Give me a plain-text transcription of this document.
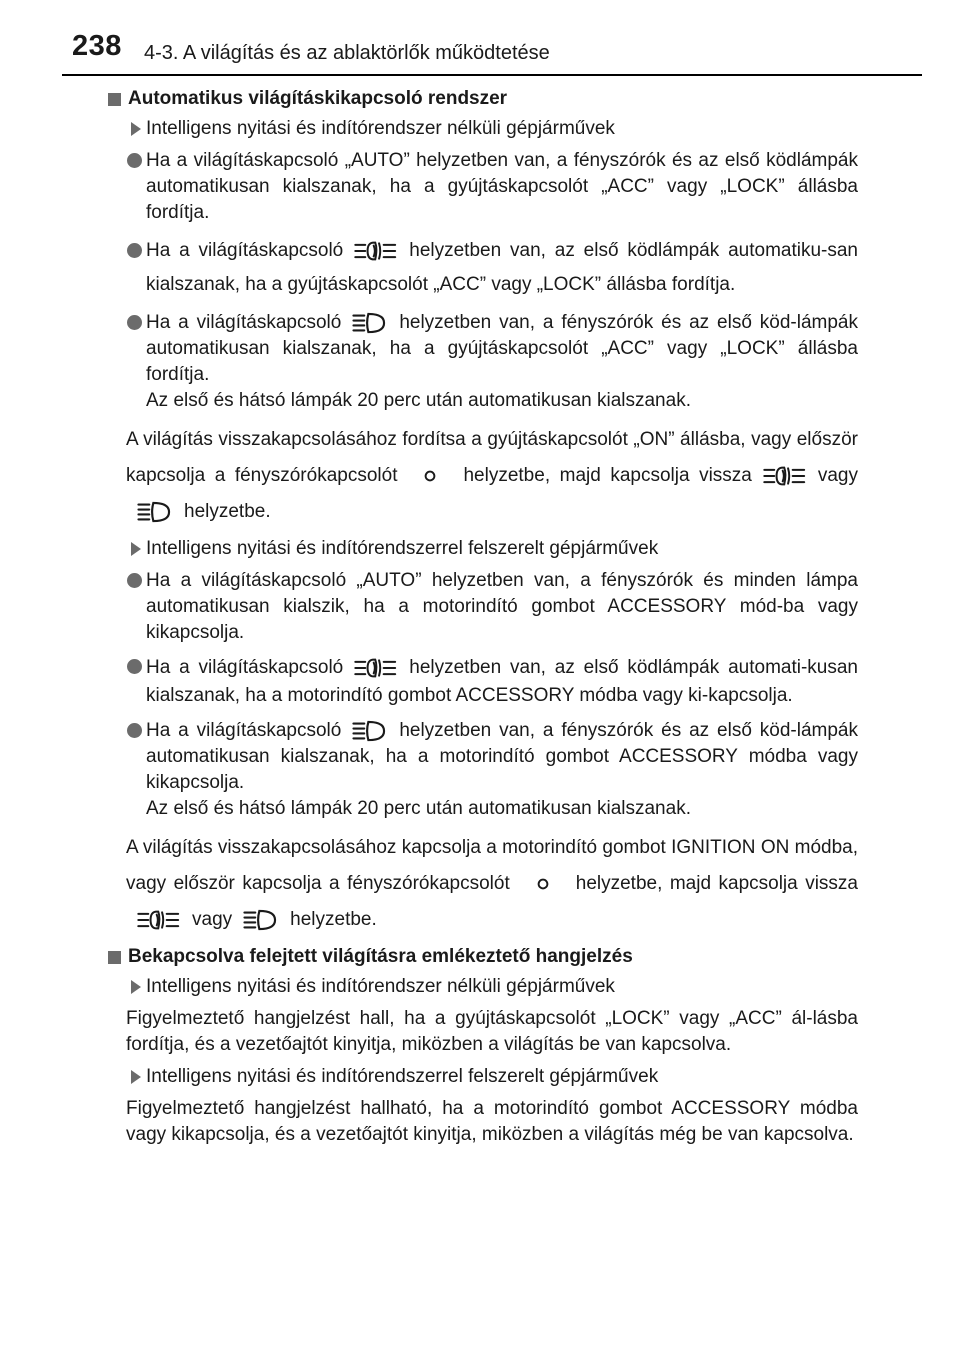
238 4-3. A világítás és az ablaktörlők működtetése
Automatikus világításkikapcsoló rendszer
Intelligens nyitási és indítórendszer nélküli gépjárművek
Ha a világításkapcsoló „AUTO” helyzetben van, a fényszórók és az első ködlámpák automatikusan kialszanak, ha a gyújtáskapcsolót „ACC” vagy „LOCK” állásba fordítja.
Ha a világításkapcsoló	helyzetben van, az első ködlámpák automatiku-san kialszanak, ha a gyújtáskapcsolót „ACC” vagy „LOCK” állásba fordítja.
Ha a világításkapcsoló	helyzetben van, a fényszórók és az első köd-lámpák automatikusan kialszanak, ha a gyújtáskapcsolót „ACC” vagy „LOCK” állásba fordítja.
Az első és hátsó lámpák 20 perc után automatikusan kialszanak.
A világítás visszakapcsolásához fordítsa a gyújtáskapcsolót „ON” állásba, vagy először kapcsolja a fényszórókapcsolót	helyzetbe, majd kapcsolja vissza	vagy
helyzetbe.
Intelligens nyitási és indítórendszerrel felszerelt gépjárművek
Ha a világításkapcsoló „AUTO” helyzetben van, a fényszórók és minden lámpa automatikusan kialszik, ha a motorindító gombot ACCESSORY mód-ba vagy kikapcsolja.
Ha a világításkapcsoló	helyzetben van, az első ködlámpák automati-kusan kialszanak, ha a motorindító gombot ACCESSORY módba vagy ki-kapcsolja.
Ha a világításkapcsoló	helyzetben van, a fényszórók és az első köd-lámpák automatikusan kialszanak, ha a motorindító gombot ACCESSORY módba vagy kikapcsolja.
Az első és hátsó lámpák 20 perc után automatikusan kialszanak.
A világítás visszakapcsolásához kapcsolja a motorindító gombot IGNITION ON módba, vagy először kapcsolja a fényszórókapcsolót	helyzetbe, majd kapcsolja vissza
vagy	helyzetbe.
Bekapcsolva felejtett világításra emlékeztető hangjelzés
Intelligens nyitási és indítórendszer nélküli gépjárművek
Figyelmeztető hangjelzést hall, ha a gyújtáskapcsolót „LOCK” vagy „ACC” ál-lásba fordítja, és a vezetőajtót kinyitja, miközben a világítás be van kapcsolva.
Intelligens nyitási és indítórendszerrel felszerelt gépjárművek
Figyelmeztető hangjelzést hallható, ha a motorindító gombot ACCESSORY módba vagy kikapcsolja, és a vezetőajtót kinyitja, miközben a világítás még be van kapcsolva.
